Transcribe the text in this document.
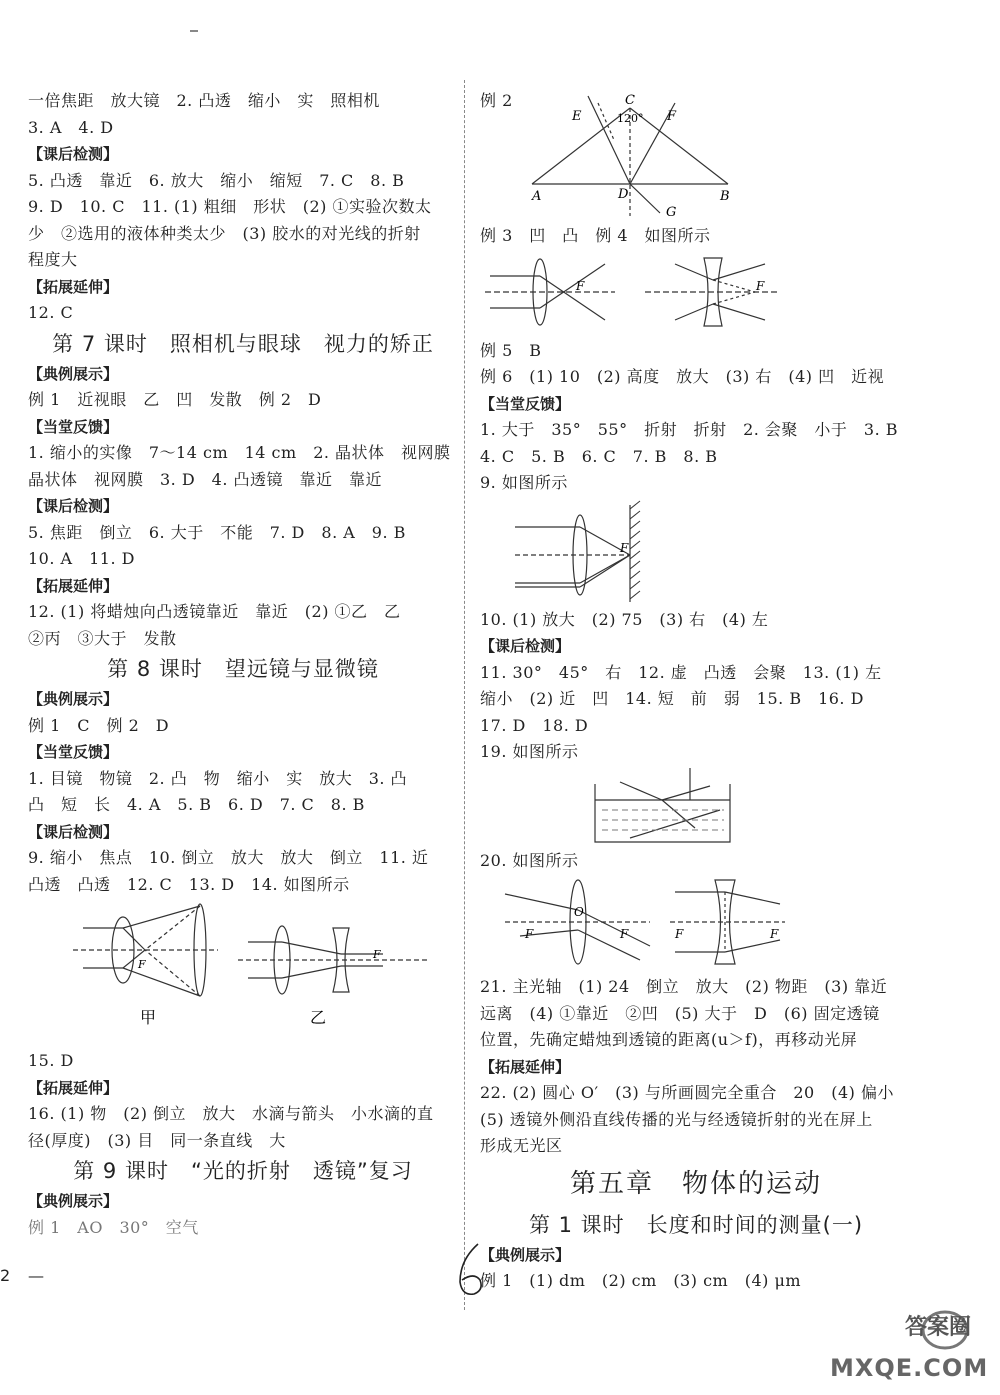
一倍焦距　放大镜　2. 凸透　缩小　实　照相机
3. A　4. D
【课后检测】
5. 凸透　靠近　6. 放大　缩小　缩短　7. C　8. B
9. D　10. C　11. (1) 粗细　形状　(2) ①实验次数太
少　②选用的液体种类太少　(3) 胶水的对光线的折射
程度大
【拓展延伸】
12. C
第 7 课时　照相机与眼球　视力的矫正
【典例展示】
例 1　近视眼　乙　凹　发散　例 2　D
【当堂反馈】
1. 缩小的实像　7～14 cm　14 cm　2. 晶状体　视网膜
晶状体　视网膜　3. D　4. 凸透镜　靠近　靠近
【课后检测】
5. 焦距　倒立　6. 大于　不能　7. D　8. A　9. B
10. A　11. D
【拓展延伸】
12. (1) 将蜡烛向凸透镜靠近　靠近　(2) ①乙　乙
②丙　③大于　发散
第 8 课时　望远镜与显微镜
【典例展示】
例 1　C　例 2　D
【当堂反馈】
1. 目镜　物镜　2. 凸　物　缩小　实　放大　3. 凸
凸　短　长　4. A　5. B　6. D　7. C　8. B
【课后检测】
9. 缩小　焦点　10. 倒立　放大　放大　倒立　11. 近
凸透　凸透　12. C　13. D　14. 如图所示
F
甲
F
乙
15. D
【拓展延伸】
16. (1) 物　(2) 倒立　放大　水滴与箭头　小水滴的直
径(厚度)　(3) 目　同一条直线　大
第 9 课时　“光的折射　透镜”复习
【典例展示】
例 1　AO　30°　空气
例 2
E
C
F
120°
A	D	B
G
例 3　凹　凸　例 4　如图所示
F	F
例 5　B
例 6　(1) 10　(2) 高度　放大　(3) 右　(4) 凹　近视
【当堂反馈】
1. 大于　35°　55°　折射　折射　2. 会聚　小于　3. B
4. C　5. B　6. C　7. B　8. B
9. 如图所示
F
10. (1) 放大　(2) 75　(3) 右　(4) 左
【课后检测】
11. 30°　45°　右　12. 虚　凸透　会聚　13. (1) 左
缩小　(2) 近　凹　14. 短　前　弱　15. B　16. D
17. D　18. D
19. 如图所示
20. 如图所示
F	F
O
F	F
21. 主光轴　(1) 24　倒立　放大　(2) 物距　(3) 靠近
远离　(4) ①靠近　②凹　(5) 大于　D　(6) 固定透镜
位置，先确定蜡烛到透镜的距离(u＞f)，再移动光屏
【拓展延伸】
22. (2) 圆心 O′　(3) 与所画圆完全重合　20　(4) 偏小
(5) 透镜外侧沿直线传播的光与经透镜折射的光在屏上
形成无光区
第五章　物体的运动
第 1 课时　长度和时间的测量(一)
【典例展示】
例 1　(1) dm　(2) cm　(3) cm　(4) μm
2 —
答案圈
MXQE.COM
